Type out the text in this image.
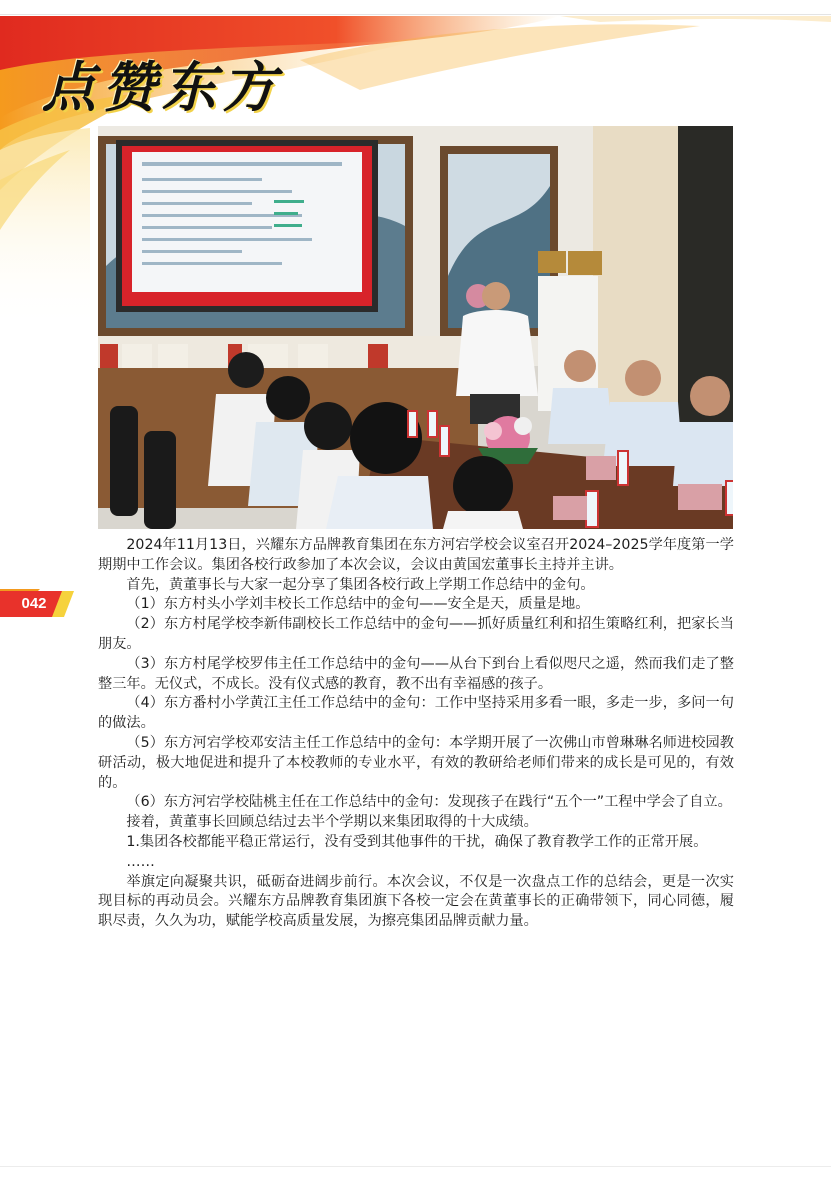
点赞东方
042

2024年11月13日，兴耀东方品牌教育集团在东方河宕学校会议室召开2024–2025学年度第一学期期中工作会议。集团各校行政参加了本次会议，会议由黄国宏董事长主持并主讲。

首先，黄董事长与大家一起分享了集团各校行政上学期工作总结中的金句。

（1）东方村头小学刘丰校长工作总结中的金句——安全是天，质量是地。

（2）东方村尾学校李新伟副校长工作总结中的金句——抓好质量红利和招生策略红利，把家长当朋友。

（3）东方村尾学校罗伟主任工作总结中的金句——从台下到台上看似咫尺之遥，然而我们走了整整三年。无仪式，不成长。没有仪式感的教育，教不出有幸福感的孩子。

（4）东方番村小学黄江主任工作总结中的金句：工作中坚持采用多看一眼，多走一步，多问一句的做法。

（5）东方河宕学校邓安洁主任工作总结中的金句：本学期开展了一次佛山市曾琳琳名师进校园教研活动，极大地促进和提升了本校教师的专业水平，有效的教研给老师们带来的成长是可见的，有效的。

（6）东方河宕学校陆桃主任在工作总结中的金句：发现孩子在践行“五个一”工程中学会了自立。

接着，黄董事长回顾总结过去半个学期以来集团取得的十大成绩。

1.集团各校都能平稳正常运行，没有受到其他事件的干扰，确保了教育教学工作的正常开展。

……

举旗定向凝聚共识，砥砺奋进阔步前行。本次会议，不仅是一次盘点工作的总结会，更是一次实现目标的再动员会。兴耀东方品牌教育集团旗下各校一定会在黄董事长的正确带领下，同心同德，履职尽责，久久为功，赋能学校高质量发展，为擦亮集团品牌贡献力量。
